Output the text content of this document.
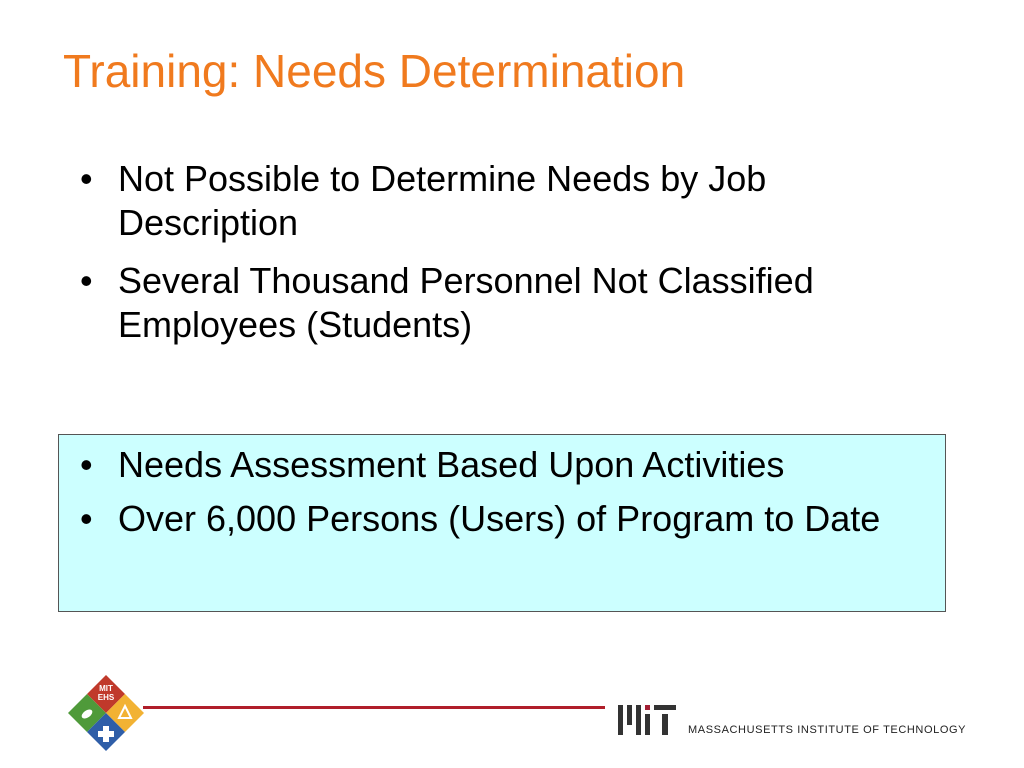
Training: Needs Determination
• Not Possible to Determine Needs by Job Description
• Several Thousand Personnel Not Classified Employees (Students)
• Needs Assessment Based Upon Activities
• Over 6,000 Persons (Users) of Program to Date
MIT
EHS
MASSACHUSETTS INSTITUTE OF TECHNOLOGY
